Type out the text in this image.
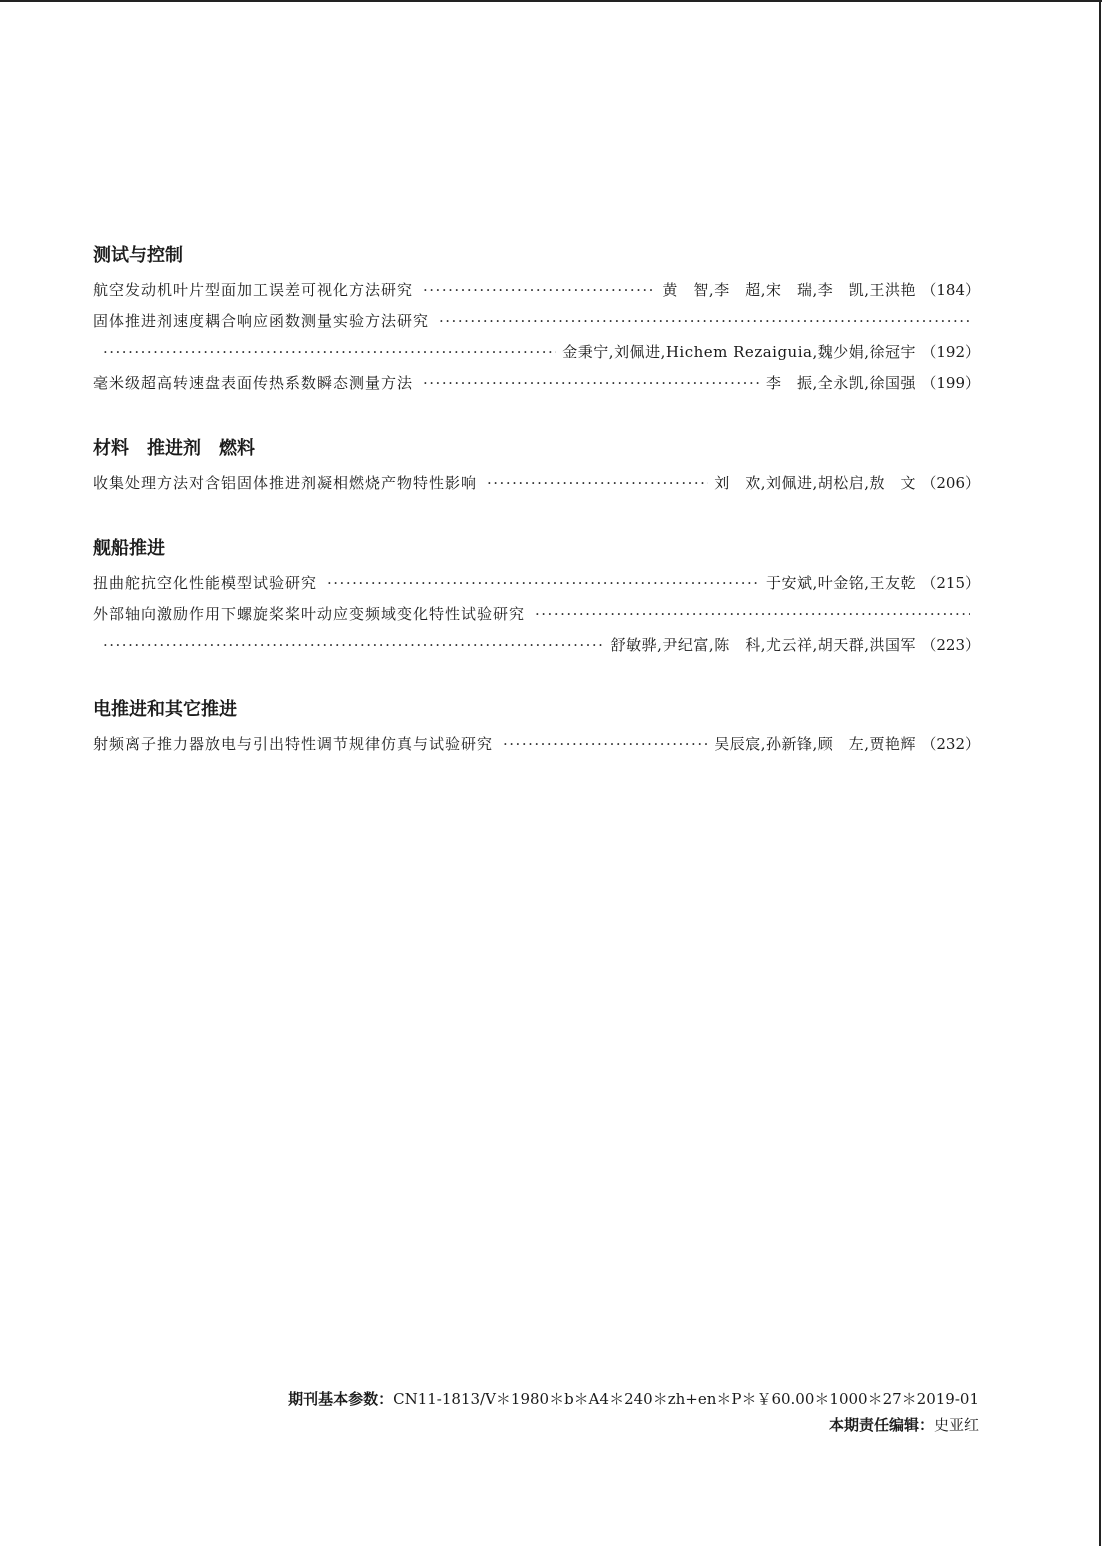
测试与控制
航空发动机叶片型面加工误差可视化方法研究 ·····	黄　智,李　超,宋　瑞,李　凯,王洪艳 （184）
固体推进剂速度耦合响应函数测量实验方法研究
·····
·····
金秉宁,刘佩进,Hichem Rezaiguia,魏少娟,徐冠宇 （192）
毫米级超高转速盘表面传热系数瞬态测量方法 ·····	李　振,全永凯,徐国强 （199）
材料　推进剂　燃料
收集处理方法对含铝固体推进剂凝相燃烧产物特性影响 ·····	刘　欢,刘佩进,胡松启,敖　文 （206）
舰船推进
扭曲舵抗空化性能模型试验研究 ·····	于安斌,叶金铭,王友乾 （215）
外部轴向激励作用下螺旋桨桨叶动应变频域变化特性试验研究
·····
·····
舒敏骅,尹纪富,陈　科,尤云祥,胡天群,洪国军 （223）
电推进和其它推进
射频离子推力器放电与引出特性调节规律仿真与试验研究 ·····	吴辰宸,孙新锋,顾　左,贾艳辉 （232）
期刊基本参数：CN11-1813/V＊1980＊b＊A4＊240＊zh+en＊P＊￥60.00＊1000＊27＊2019-01
本期责任编辑：史亚红
